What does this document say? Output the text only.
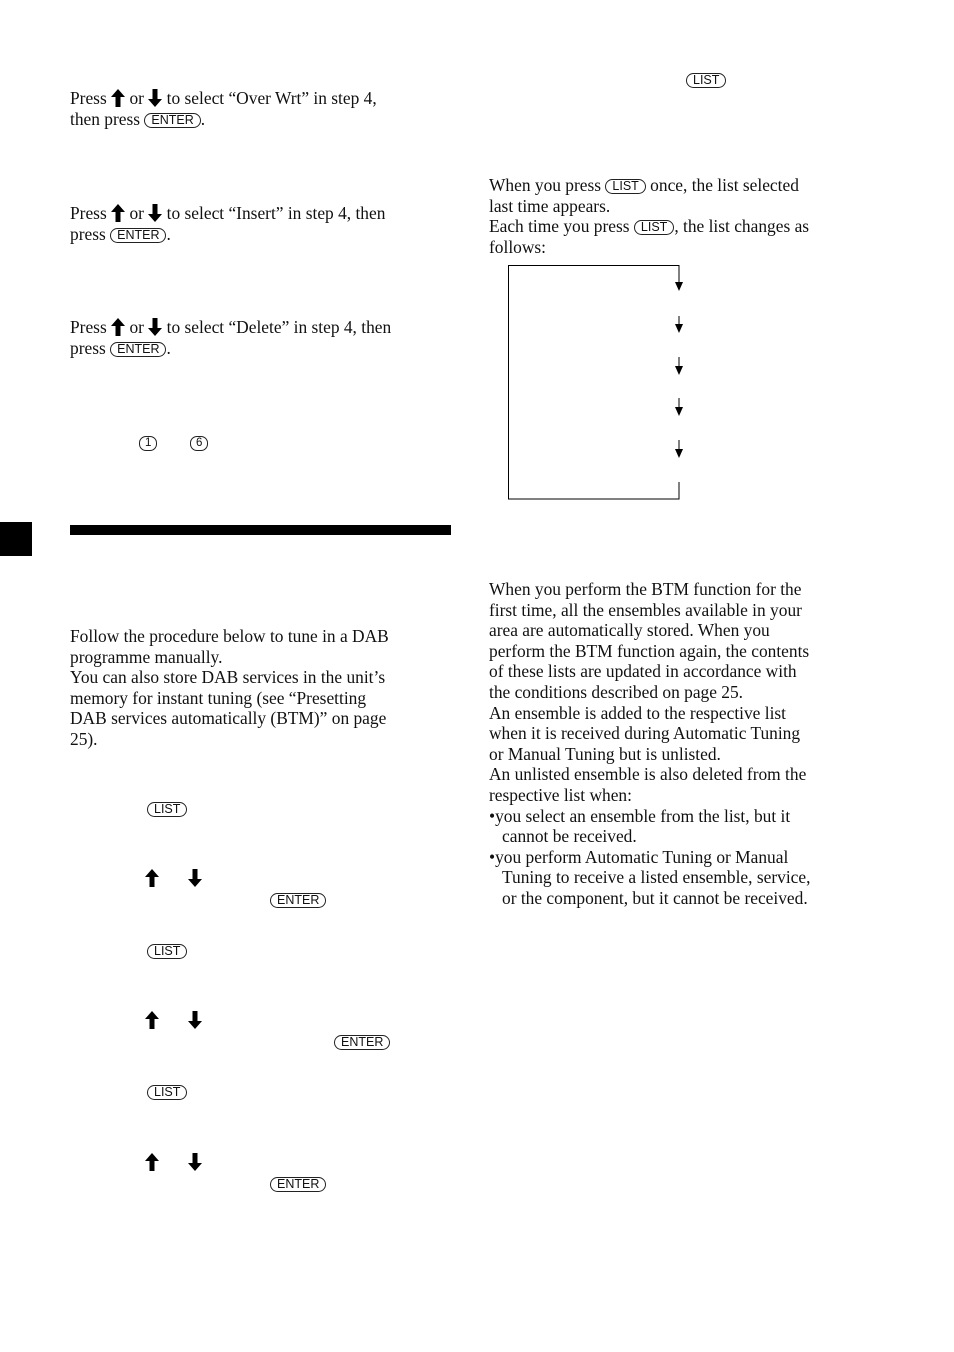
Press or to select “Over Wrt” in step 4,
then press ENTER .
Press or to select “Insert” in step 4, then
press ENTER .
Press or to select “Delete” in step 4, then
press ENTER .
1	6
Follow the procedure below to tune in a DAB
programme manually.
You can also store DAB services in the unit’s
memory for instant tuning (see “Presetting
DAB services automatically (BTM)” on page
25).
LIST
ENTER
LIST
ENTER
LIST
ENTER
LIST
When you press LIST once, the list selected
last time appears.
Each time you press LIST , the list changes as
follows:
When you perform the BTM function for the
first time, all the ensembles available in your
area are automatically stored. When you
perform the BTM function again, the contents
of these lists are updated in accordance with
the conditions described on page 25.
An ensemble is added to the respective list
when it is received during Automatic Tuning
or Manual Tuning but is unlisted.
An unlisted ensemble is also deleted from the
respective list when:
•you select an ensemble from the list, but it
cannot be received.
•you perform Automatic Tuning or Manual
Tuning to receive a listed ensemble, service,
or the component, but it cannot be received.
